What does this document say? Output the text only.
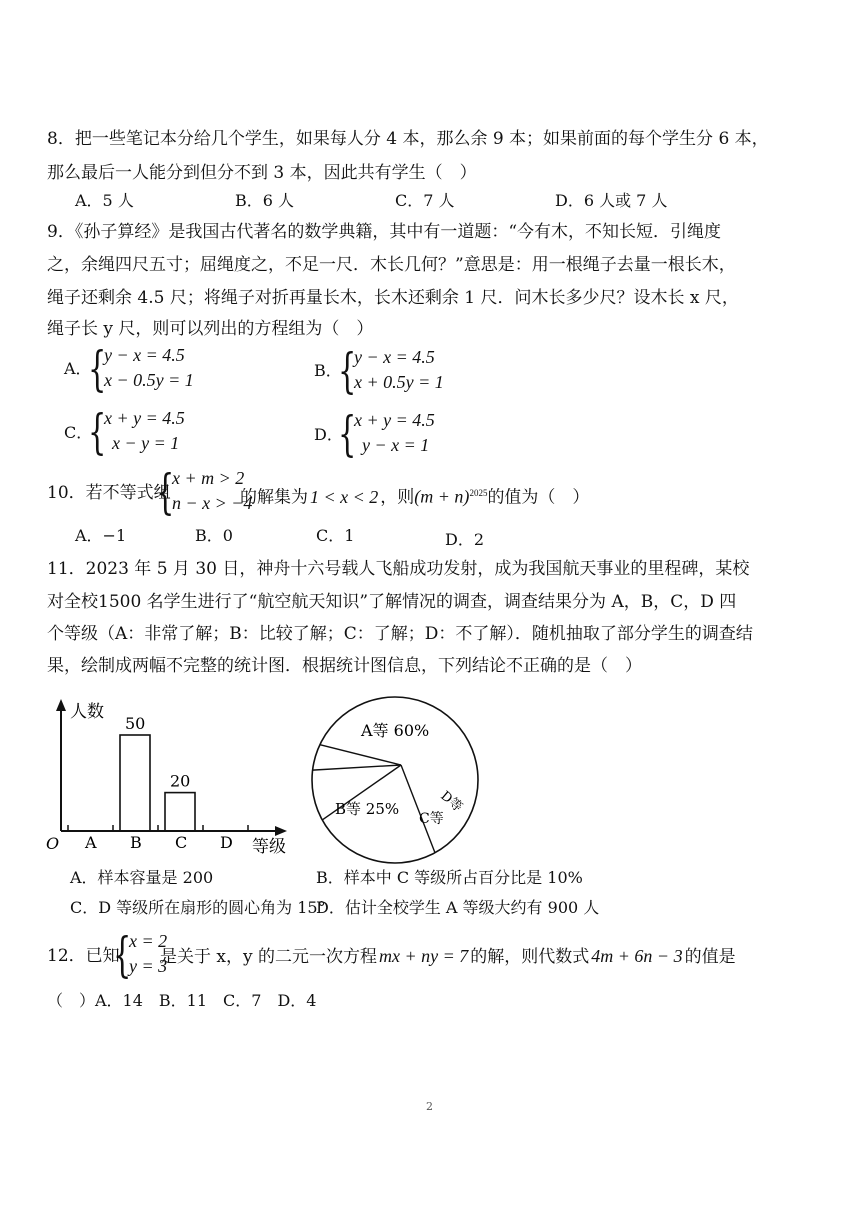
8．把一些笔记本分给几个学生，如果每人分 4 本，那么余 9 本；如果前面的每个学生分 6 本，
那么最后一人能分到但分不到 3 本，因此共有学生（　）
A．5 人	B．6 人	C．7 人	D．6 人或 7 人
9．《孙子算经》是我国古代著名的数学典籍，其中有一道题：“今有木，不知长短．引绳度
之，余绳四尺五寸；屈绳度之，不足一尺．木长几何？”意思是：用一根绳子去量一根长木，
绳子还剩余 4.5 尺；将绳子对折再量长木，长木还剩余 1 尺．问木长多少尺？设木长 x 尺，
绳子长 y 尺，则可以列出的方程组为（　）
A．
{
y − x = 4.5
x − 0.5y = 1	B．
{
y − x = 4.5
x + 0.5y = 1
C．
{
x + y = 4.5
x − y = 1	D．
{
x + y = 4.5
y − x = 1
10．若不等式组
{
x + m > 2
n − x > −4
的解集为 1 < x < 2 ，则$(m + n)^{2025}$的值为（　）
A．−1	B．0	C．1	D．2
11．2023 年 5 月 30 日，神舟十六号载人飞船成功发射，成为我国航天事业的里程碑，某校
对全校1500 名学生进行了“航空航天知识”了解情况的调查，调查结果分为 A，B，C，D 四
个等级（A：非常了解；B：比较了解；C：了解；D：不了解）．随机抽取了部分学生的调查结
果，绘制成两幅不完整的统计图．根据统计图信息，下列结论不正确的是（　）
人数
等级
O A B
50
C
20
D
A等 60%
B等 25%
C等
D等
A．样本容量是 200	B．样本中 C 等级所占百分比是 10%
C．D 等级所在扇形的圆心角为 15°
D．估计全校学生 A 等级大约有 900 人
12．已知
{
x = 2
y = 3
是关于 x，y 的二元一次方程 mx + ny = 7 的解，则代数式 4m + 6n − 3 的值是
（　）A．14　B．11　C．7　D．4
2
